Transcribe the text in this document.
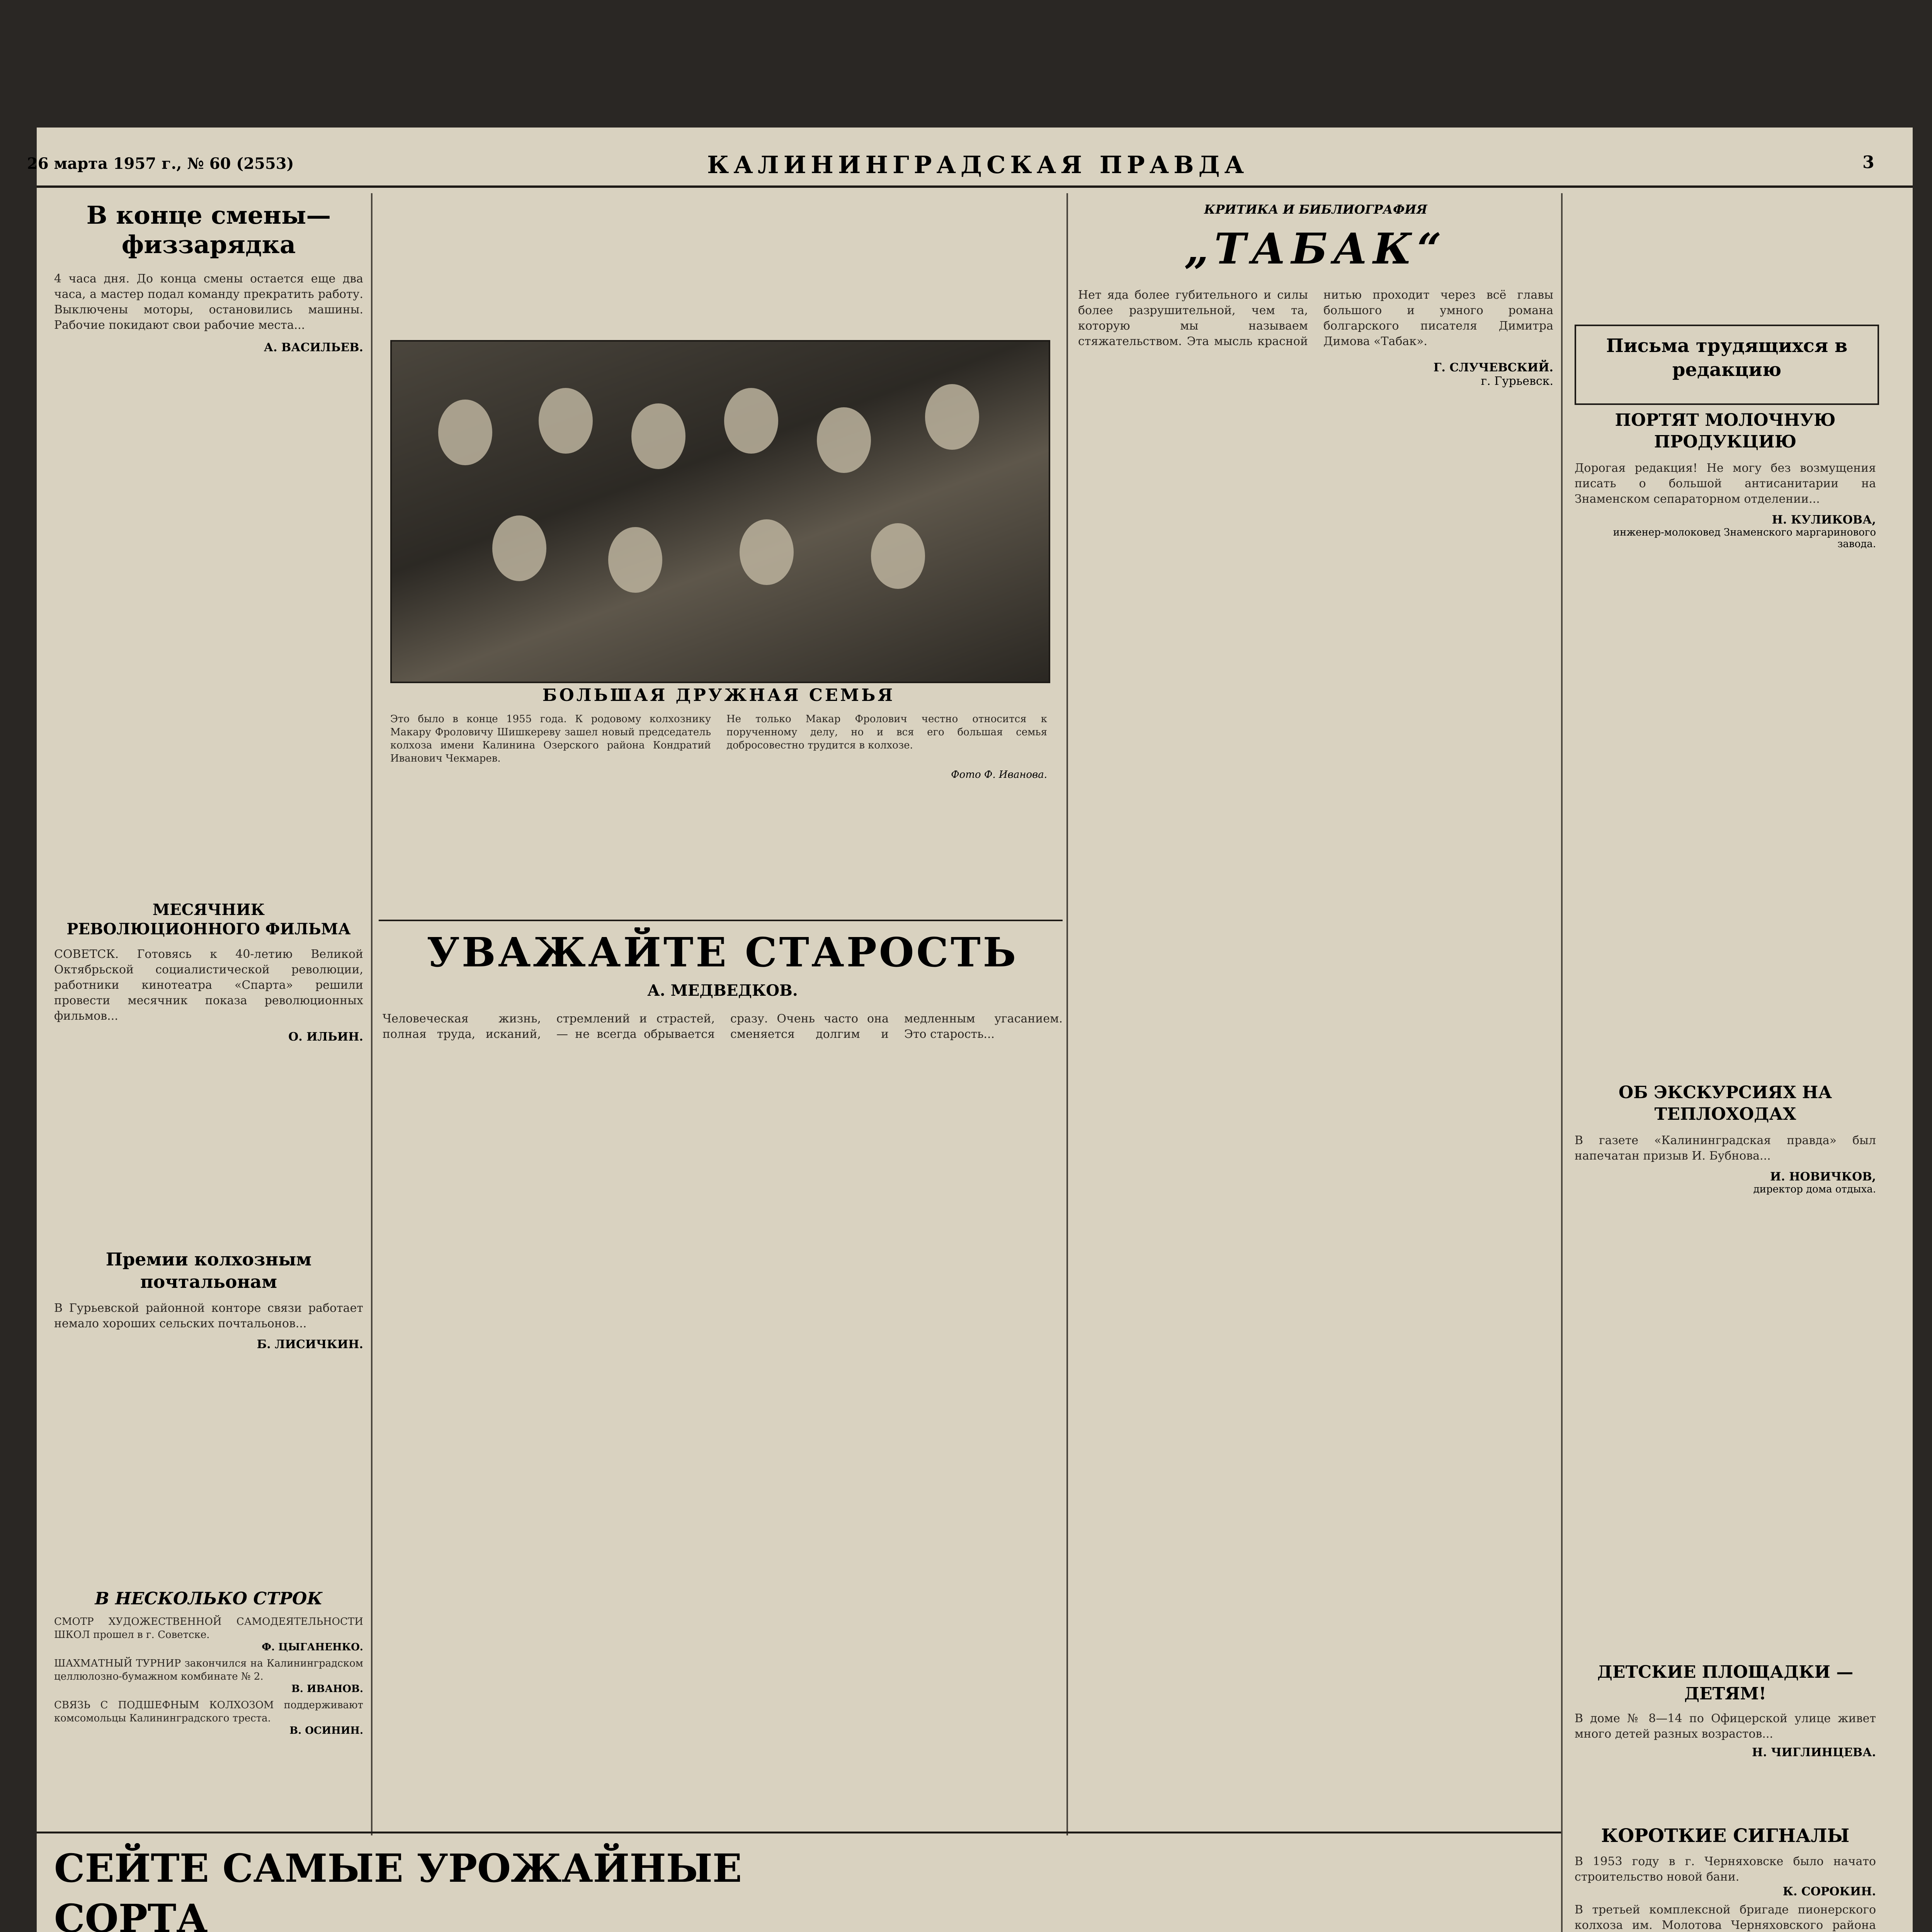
26 марта 1957 г., № 60 (2553)	КАЛИНИНГРАДСКАЯ ПРАВДА	3
В конце смены— физзарядка
4 часа дня. До конца смены остается еще два часа, а мастер подал команду прекратить работу. Выключены моторы, остановились машины. Рабочие покидают свои рабочие места...
А. ВАСИЛЬЕВ.
МЕСЯЧНИК РЕВОЛЮЦИОННОГО ФИЛЬМА
СОВЕТСК. Готовясь к 40-летию Великой Октябрьской социалистической революции, работники кинотеатра «Спарта» решили провести месячник показа революционных фильмов...
О. ИЛЬИН.
Премии колхозным почтальонам
В Гурьевской районной конторе связи работает немало хороших сельских почтальонов...
Б. ЛИСИЧКИН.
В НЕСКОЛЬКО СТРОК
СМОТР ХУДОЖЕСТВЕННОЙ САМОДЕЯТЕЛЬНОСТИ ШКОЛ прошел в г. Советске.
Ф. ЦЫГАНЕНКО.
ШАХМАТНЫЙ ТУРНИР закончился на Калининградском целлюлозно-бумажном комбинате № 2.
В. ИВАНОВ.
СВЯЗЬ С ПОДШЕФНЫМ КОЛХОЗОМ поддерживают комсомольцы Калининградского треста.
В. ОСИНИН.
БОЛЬШАЯ ДРУЖНАЯ СЕМЬЯ
Это было в конце 1955 года. К родовому колхознику Макару Фроловичу Шишкереву зашел новый председатель колхоза имени Калинина Озерского района Кондратий Иванович Чекмарев.
Не только Макар Фролович честно относится к порученному делу, но и вся его большая семья добросовестно трудится в колхозе.
Фото Ф. Иванова.
УВАЖАЙТЕ СТАРОСТЬ
А. МЕДВЕДКОВ.
Человеческая жизнь, полная труда, исканий, стремлений и страстей,— не всегда обрывается сразу. Очень часто она сменяется долгим и медленным угасанием. Это старость...
КРИТИКА И БИБЛИОГРАФИЯ
„ТАБАК“
Нет яда более губительного и силы более разрушительной, чем та, которую мы называем стяжательством. Эта мысль красной нитью проходит через всё главы большого и умного романа болгарского писателя Димитра Димова «Табак».
Г. СЛУЧЕВСКИЙ.
г. Гурьевск.
Письма трудящихся в редакцию
ПОРТЯТ МОЛОЧНУЮ ПРОДУКЦИЮ
Дорогая редакция! Не могу без возмущения писать о большой антисанитарии на Знаменском сепараторном отделении...
Н. КУЛИКОВА,
инженер-молоковед Знаменского маргаринового завода.
ОБ ЭКСКУРСИЯХ НА ТЕПЛОХОДАХ
В газете «Калининградская правда» был напечатан призыв И. Бубнова...
И. НОВИЧКОВ,
директор дома отдыха.
ДЕТСКИЕ ПЛОЩАДКИ — ДЕТЯМ!
В доме № 8—14 по Офицерской улице живет много детей разных возрастов...
Н. ЧИГЛИНЦЕВА.
СЕЙТЕ САМЫЕ УРОЖАЙНЫЕ СОРТА
КОРОТКИЕ СИГНАЛЫ
В 1953 году в г. Черняховске было начато строительство новой бани.
К. СОРОКИН.
В третьей комплексной бригаде пионерского колхоза им. Молотова Черняховского района
